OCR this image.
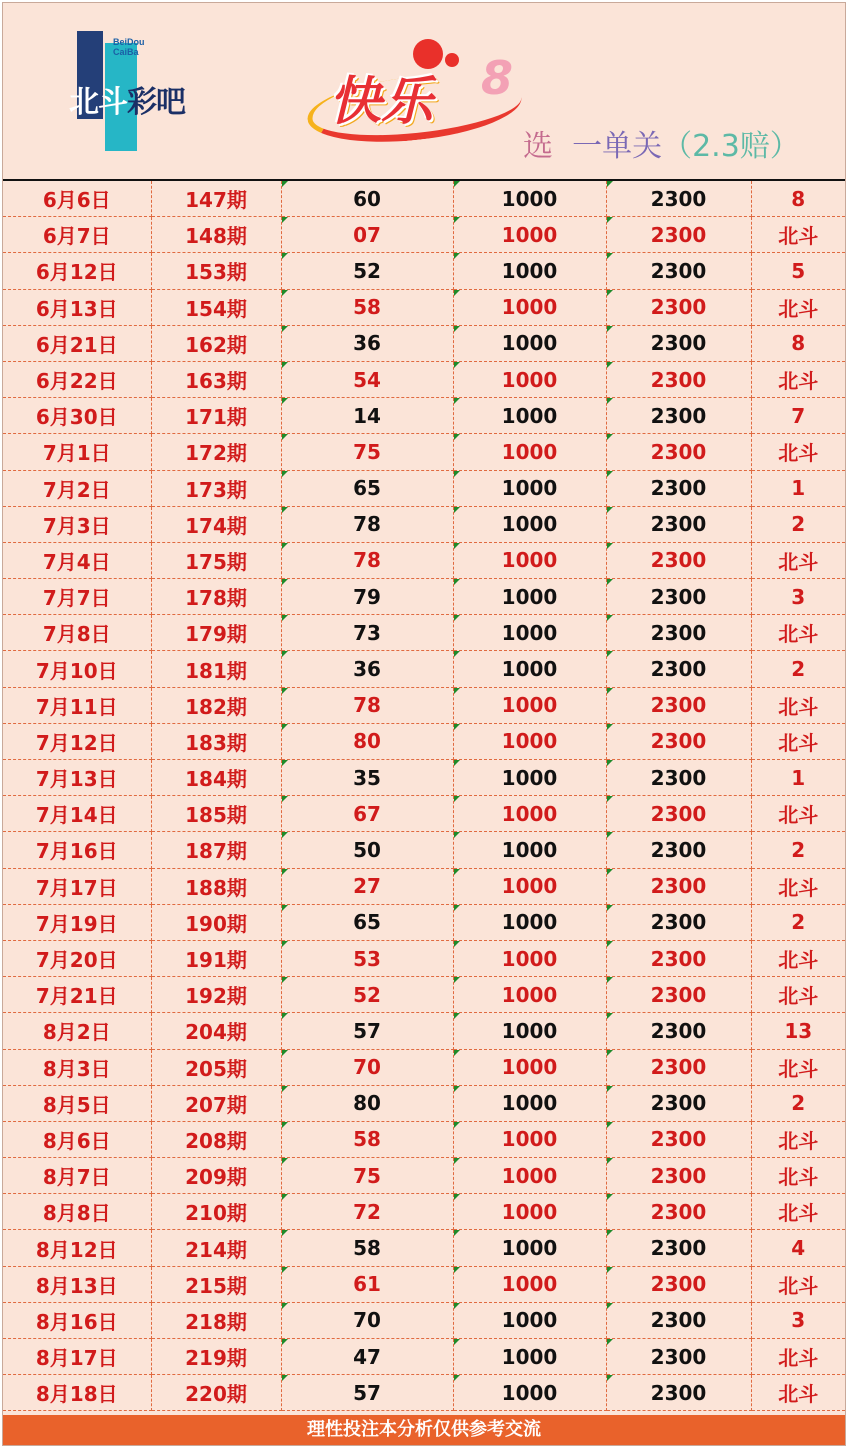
BeiDou
CaiBa
北斗彩吧	快乐 8
选 一单关（2.3赔）
6月6日	147期	60	1000	2300	8
6月7日	148期	07	1000	2300	北斗
6月12日	153期	52	1000	2300	5
6月13日	154期	58	1000	2300	北斗
6月21日	162期	36	1000	2300	8
6月22日	163期	54	1000	2300	北斗
6月30日	171期	14	1000	2300	7
7月1日	172期	75	1000	2300	北斗
7月2日	173期	65	1000	2300	1
7月3日	174期	78	1000	2300	2
7月4日	175期	78	1000	2300	北斗
7月7日	178期	79	1000	2300	3
7月8日	179期	73	1000	2300	北斗
7月10日	181期	36	1000	2300	2
7月11日	182期	78	1000	2300	北斗
7月12日	183期	80	1000	2300	北斗
7月13日	184期	35	1000	2300	1
7月14日	185期	67	1000	2300	北斗
7月16日	187期	50	1000	2300	2
7月17日	188期	27	1000	2300	北斗
7月19日	190期	65	1000	2300	2
7月20日	191期	53	1000	2300	北斗
7月21日	192期	52	1000	2300	北斗
8月2日	204期	57	1000	2300	13
8月3日	205期	70	1000	2300	北斗
8月5日	207期	80	1000	2300	2
8月6日	208期	58	1000	2300	北斗
8月7日	209期	75	1000	2300	北斗
8月8日	210期	72	1000	2300	北斗
8月12日	214期	58	1000	2300	4
8月13日	215期	61	1000	2300	北斗
8月16日	218期	70	1000	2300	3
8月17日	219期	47	1000	2300	北斗
8月18日	220期	57	1000	2300	北斗
理性投注本分析仅供参考交流
